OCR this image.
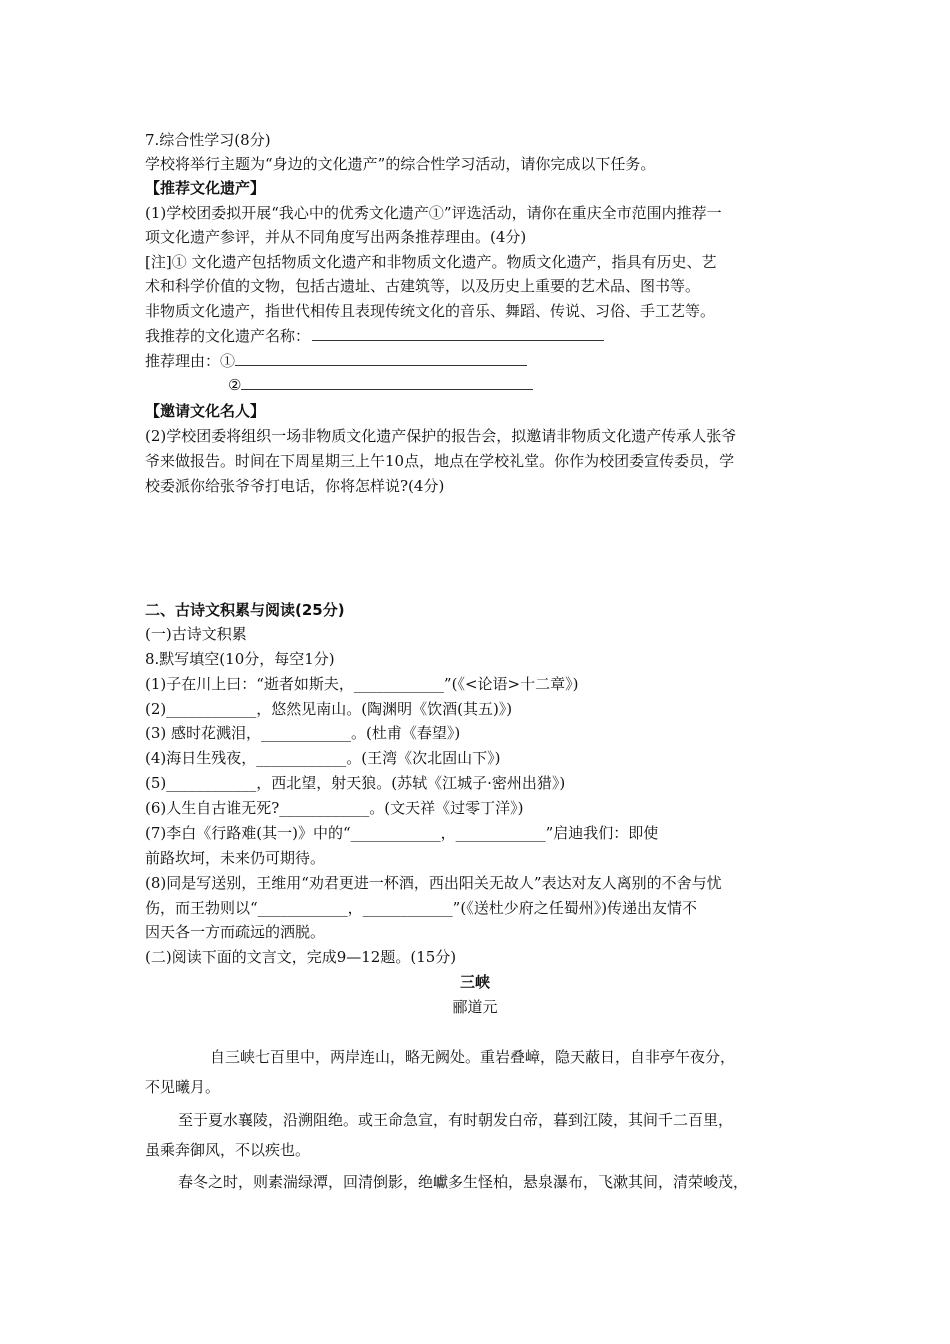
7.综合性学习(8分)
学校将举行主题为“身边的文化遗产”的综合性学习活动，请你完成以下任务。
【推荐文化遗产】
(1)学校团委拟开展“我心中的优秀文化遗产①”评选活动，请你在重庆全市范围内推荐一
项文化遗产参评，并从不同角度写出两条推荐理由。(4分)
[注]① 文化遗产包括物质文化遗产和非物质文化遗产。物质文化遗产，指具有历史、艺
术和科学价值的文物，包括古遗址、古建筑等，以及历史上重要的艺术品、图书等。
非物质文化遗产，指世代相传且表现传统文化的音乐、舞蹈、传说、习俗、手工艺等。
我推荐的文化遗产名称：
推荐理由：①
②
【邀请文化名人】
(2)学校团委将组织一场非物质文化遗产保护的报告会，拟邀请非物质文化遗产传承人张爷
爷来做报告。时间在下周星期三上午10点，地点在学校礼堂。你作为校团委宣传委员，学
校委派你给张爷爷打电话，你将怎样说?(4分)
二、古诗文积累与阅读(25分)
(一)古诗文积累
8.默写填空(10分，每空1分)
(1)子在川上曰：“逝者如斯夫，____________”(《<论语>十二章》)
(2)____________，悠然见南山。(陶渊明《饮酒(其五)》)
(3) 感时花溅泪，____________。(杜甫《春望》)
(4)海日生残夜，____________。(王湾《次北固山下》)
(5)____________，西北望，射天狼。(苏轼《江城子·密州出猎》)
(6)人生自古谁无死?____________。(文天祥《过零丁洋》)
(7)李白《行路难(其一)》中的“____________，____________”启迪我们：即使
前路坎坷，未来仍可期待。
(8)同是写送别，王维用“劝君更进一杯酒，西出阳关无故人”表达对友人离别的不舍与忧
伤，而王勃则以“____________，____________”(《送杜少府之任蜀州》)传递出友情不
因天各一方而疏远的洒脱。
(二)阅读下面的文言文，完成9—12题。(15分)
三峡
郦道元
自三峡七百里中，两岸连山，略无阙处。重岩叠嶂，隐天蔽日，自非亭午夜分，
不见曦月。
至于夏水襄陵，沿溯阻绝。或王命急宣，有时朝发白帝，暮到江陵，其间千二百里，
虽乘奔御风，不以疾也。
春冬之时，则素湍绿潭，回清倒影，绝巘多生怪柏，悬泉瀑布，飞漱其间，清荣峻茂，
